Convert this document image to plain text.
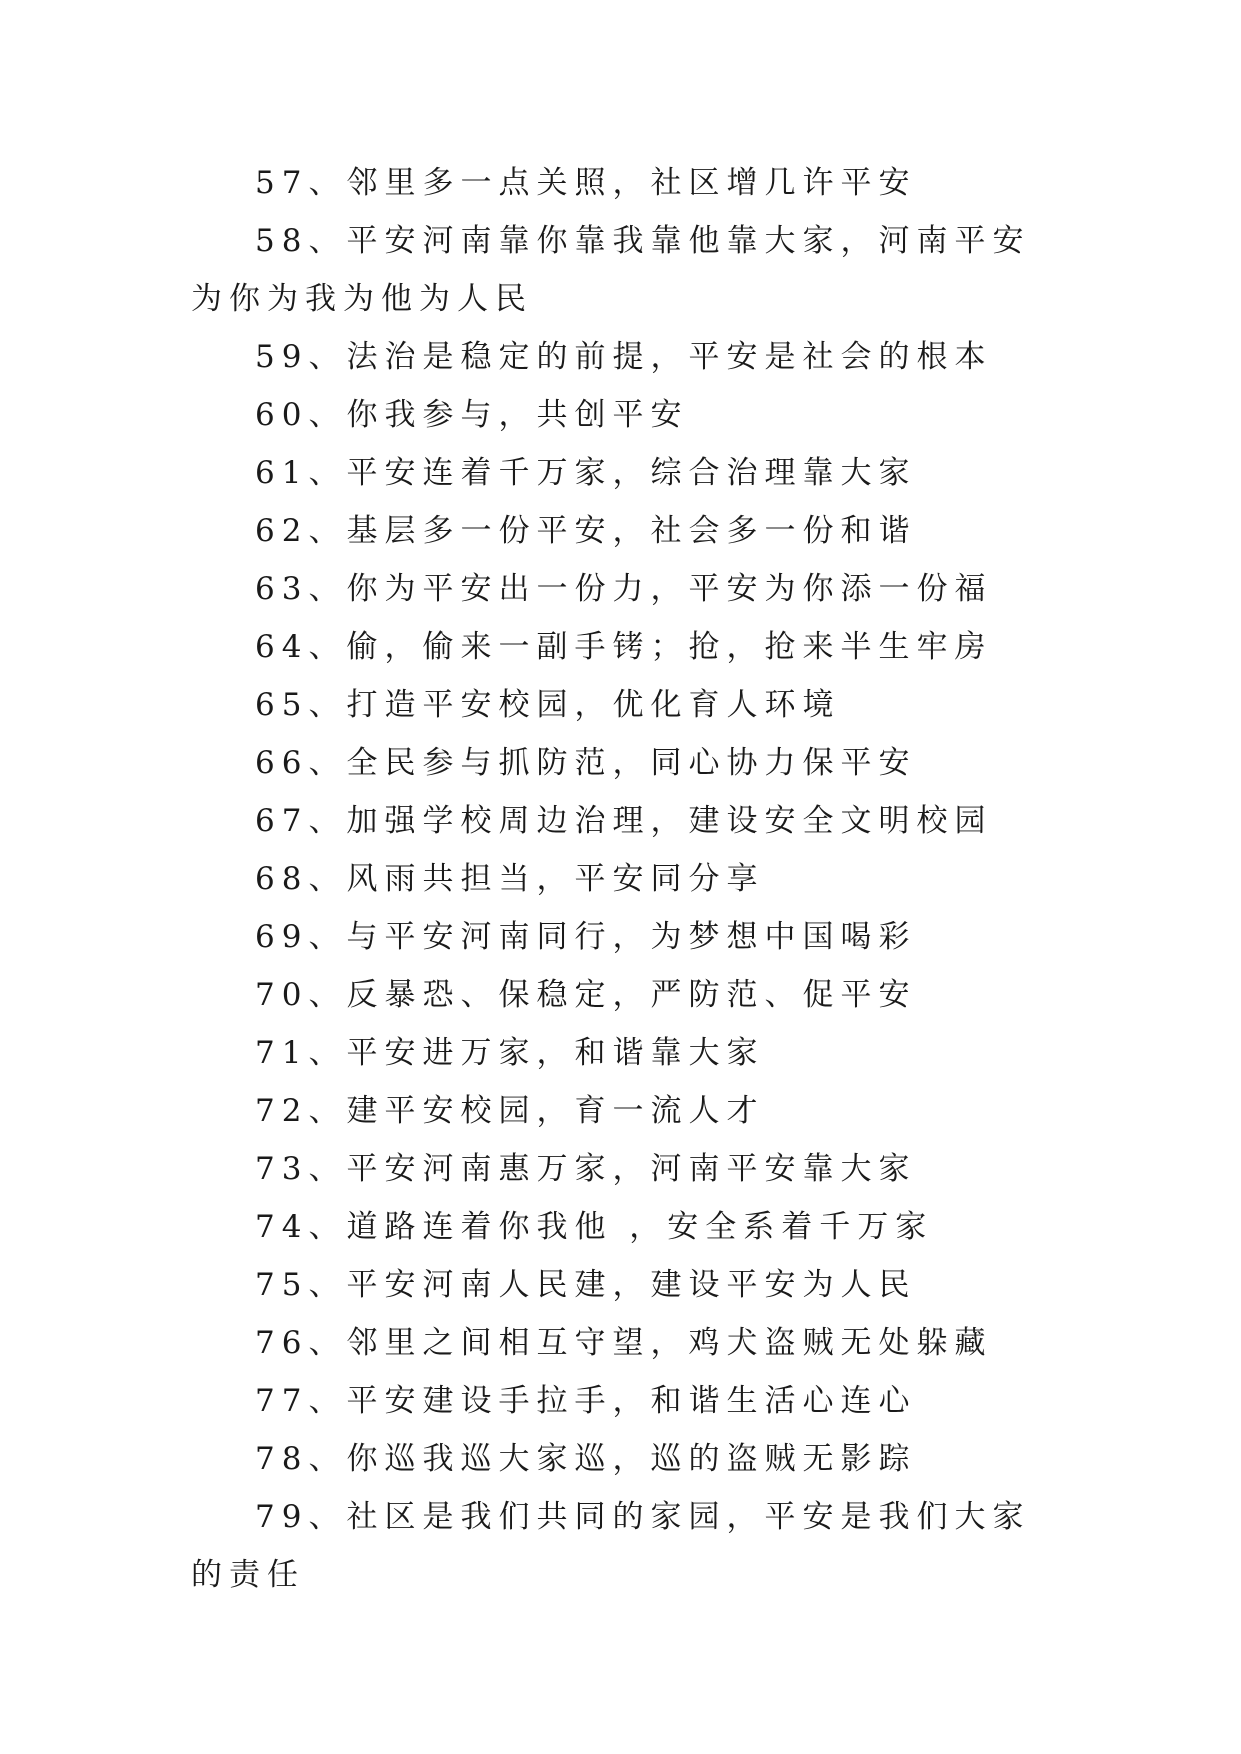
57、邻里多一点关照，社区增几许平安

58、平安河南靠你靠我靠他靠大家，河南平安为你为我为他为人民

59、法治是稳定的前提，平安是社会的根本

60、你我参与，共创平安

61、平安连着千万家，综合治理靠大家

62、基层多一份平安，社会多一份和谐

63、你为平安出一份力，平安为你添一份福

64、偷，偷来一副手铐；抢，抢来半生牢房

65、打造平安校园，优化育人环境

66、全民参与抓防范，同心协力保平安

67、加强学校周边治理，建设安全文明校园

68、风雨共担当，平安同分享

69、与平安河南同行，为梦想中国喝彩

70、反暴恐、保稳定，严防范、促平安

71、平安进万家，和谐靠大家

72、建平安校园，育一流人才

73、平安河南惠万家，河南平安靠大家

74、道路连着你我他 ，安全系着千万家

75、平安河南人民建，建设平安为人民

76、邻里之间相互守望，鸡犬盗贼无处躲藏

77、平安建设手拉手，和谐生活心连心

78、你巡我巡大家巡，巡的盗贼无影踪

79、社区是我们共同的家园，平安是我们大家的责任
